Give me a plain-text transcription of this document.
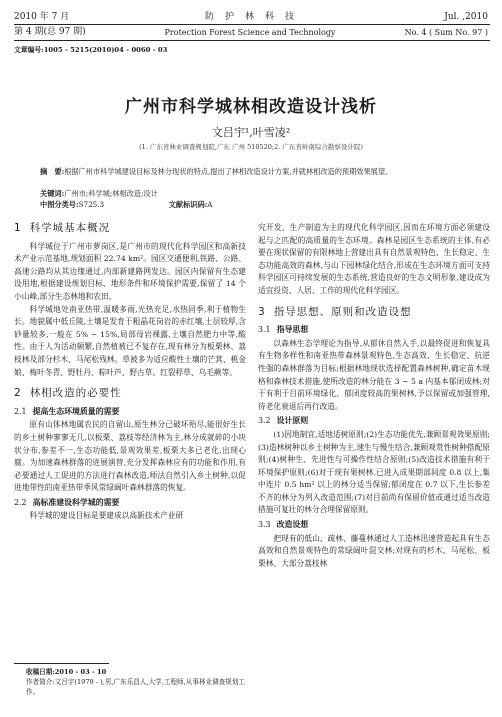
2010 年 7 月
第 4 期(总 97 期)
防　护　林　科　技
Protection Forest Science and Technology
Jul. ,2010
No. 4 ( Sum No. 97 )
文章编号:1005 - 5215(2010)04 - 0060 - 03
广州市科学城林相改造设计浅析
文吕宇¹,叶雪凌²
(1. 广东省林业调查规划院,广东 广州 510520;2. 广东省岭南综合勘察设计院)
摘　要:根据广州市科学城建设目标及林分现状的特点,提出了林相改造设计方案,并就林相改造的预期效果展望。
关键词:广州市;科学城;林相改造;设计
中图分类号:S725.3	文献标识码:A
1 科学城基本概况

科学城位于广州市萝岗区,是广州市的现代化科学园区和高新技术产业示范基地,规划面积 22.74 km²。园区交通便利,铁路、公路、高速公路均从其边缘通过,内部新建路网发达。园区内保留有生态建设用地,根据建设规划目标、地形条件和环境保护需要,保留了 14 个小山峰,部分生态林地和农田。

科学城地处南亚热带,温暖多雨,光热充足,水热同季,利于植物生长。地貌属中低丘陵,土壤是发育于粗晶花岗岩的赤红壤,土层较厚,含砂量较多,一般在 5% ~ 15%,局部母岩裸露,土壤自然肥力中等,酸性。由于人为活动频繁,自然植被已不复存在,现有林分为板栗林、荔枝林及部分杉木、马尾松残林。草被多为适应酸性土壤的芒萁、桃金娘、梅叶冬青、野牡丹、粽叶芦、野古草、红裂稃草、乌毛蕨等。

2 林相改造的必要性
2.1 提高生态环境质量的需要

原有山体林地属农民的自留山,原生林分已破坏殆尽,能很好生长的乡土树种寥寥无几,以板栗、荔枝等经济林为主,林分成就碎的小块状分布,参差不一,生态功能低,景观效果差,板栗大多已老化,出现心腐。为加速森林群落的进展演替,充分发挥森林应有的功能和作用,有必要通过人工促进的方法进行森林改造,师法自然引入乡土树种,以促进地带性的南亚热带季风常绿阔叶森林群落的恢复。

2.2 高标准建设科学城的需要

科学城的建设目标是要建成以高新技术产业研

收稿日期:2010 - 03 - 10
作者简介:文吕宇(1979 - ),男,广东乐昌人,大学,工程师,从事林业调查规划工作。

究开发、生产制造为主的现代化科学园区,因而在环境方面必须建设起与之匹配的高质量的生态环境。森林是园区生态系统的主体,有必要在现状保留的有限林地上营建出具有自然景观特色、生长稳定、生态功能高效的森林,与山下园林绿化结合,形成在生态环境方面可支持科学园区可持续发展的生态系统,营造良好的生态文明形象,建设成为适宜投资、人居、工作的现代化科学园区。

3 指导思想、原则和改造设想
3.1 指导思想

以森林生态学理论为指导,从郁休自然入手,以最终促进和恢复具有生物多样性和南亚热带森林景观特色,生态高效、生长稳定、抗逆性强的森林群落为目标;根据林地现状选择配置森林树种,确定苗木规格和森林技术措施,使所改造的林分能在 3 ~ 5 a 内基本郁闭成林;对于有利于目前环境绿化、郁闭度较高的果树林,予以保留或加强管理,待老化衰退后再行改造。

3.2 设计原则

(1)因地制宜,适地适树原则;(2)生态功能优先,兼顾景观效果原则;(3)造林树种以乡土树种为主,速生与慢生结合,兼顾观赏性树种搭配原则;(4)树种生、先进性与可操作性结合原则;(5)改造技术措施有利于环境保护原则;(6)对于现有果树林,已进入成果期部间度 0.8 以上,集中连片 0.5 hm² 以上的林分适当保留;郁闭度在 0.7 以下,生长参差不齐的林分为列入改造范围;(7)对目前尚有保留价值或通过适当改造措施可复壮的林分合理保留原则。

3.3 改造设想

把现有的低山、疏林、藤蔓林通过人工造林迅速营造起具有生态高效和自然景观特色的常绿阔叶混交林;对现有的杉木、马尾松、板栗林、大部分荔枝林
